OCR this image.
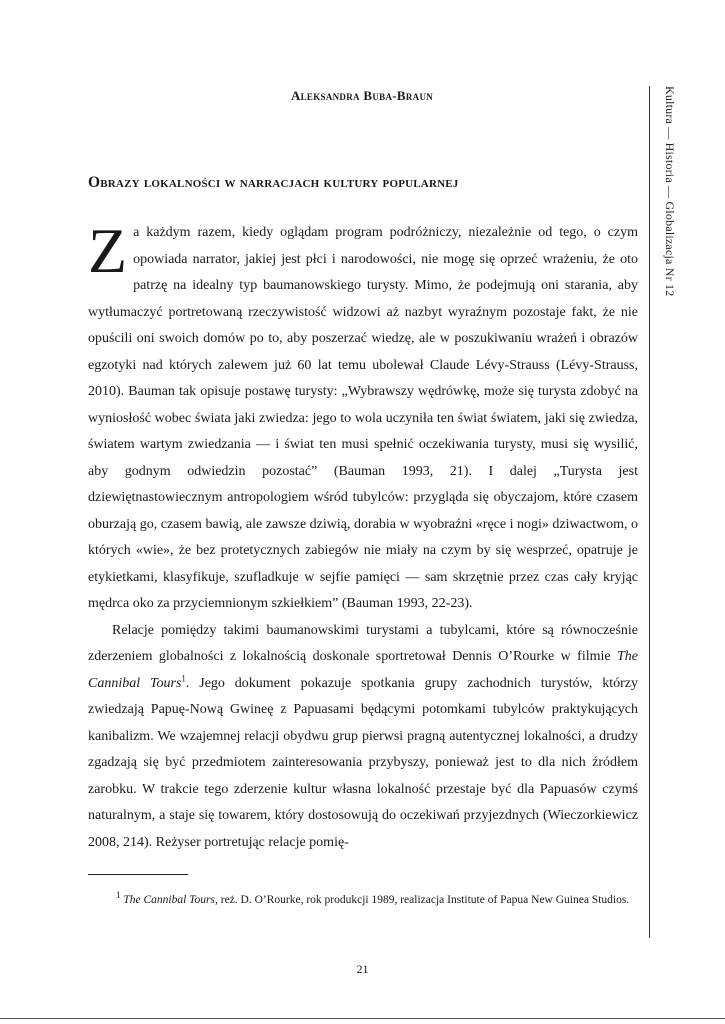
Aleksandra Buba-Braun
Obrazy lokalności w narracjach kultury popularnej	Kultura — Historia — Globalizacja Nr 12

Za każdym razem, kiedy oglądam program podróżniczy, niezależnie od tego, o czym opowiada narrator, jakiej jest płci i narodowości, nie mogę się oprzeć wrażeniu, że oto patrzę na idealny typ baumanowskiego turysty. Mimo, że podejmują oni starania, aby wytłumaczyć portretowaną rzeczywistość widzowi aż nazbyt wyraźnym pozostaje fakt, że nie opuścili oni swoich domów po to, aby poszerzać wiedzę, ale w poszukiwaniu wrażeń i obrazów egzotyki nad których zalewem już 60 lat temu ubolewał Claude Lévy-Strauss (Lévy-Strauss, 2010). Bauman tak opisuje postawę turysty: „Wybrawszy wędrówkę, może się turysta zdobyć na wyniosłość wobec świata jaki zwiedza: jego to wola uczyniła ten świat światem, jaki się zwiedza, światem wartym zwiedzania — i świat ten musi spełnić oczekiwania turysty, musi się wysilić, aby godnym odwiedzin pozostać” (Bauman 1993, 21). I dalej „Turysta jest dziewiętnastowiecznym antropologiem wśród tubylców: przygląda się obyczajom, które czasem oburzają go, czasem bawią, ale zawsze dziwią, dorabia w wyobraźni «ręce i nogi» dziwactwom, o których «wie», że bez protetycznych zabiegów nie miały na czym by się wesprzeć, opatruje je etykietkami, klasyfikuje, szufladkuje w sejfie pamięci — sam skrzętnie przez czas cały kryjąc mędrca oko za przyciemnionym szkiełkiem” (Bauman 1993, 22-23).

Relacje pomiędzy takimi baumanowskimi turystami a tubylcami, które są równocześnie zderzeniem globalności z lokalnością doskonale sportretował Dennis O’Rourke w filmie The Cannibal Tours$^1$. Jego dokument pokazuje spotkania grupy zachodnich turystów, którzy zwiedzają Papuę-Nową Gwineę z Papuasami będącymi potomkami tubylców praktykujących kanibalizm. We wzajemnej relacji obydwu grup pierwsi pragną autentycznej lokalności, a drudzy zgadzają się być przedmiotem zainteresowania przybyszy, ponieważ jest to dla nich źródłem zarobku. W trakcie tego zderzenie kultur własna lokalność przestaje być dla Papuasów czymś naturalnym, a staje się towarem, który dostosowują do oczekiwań przyjezdnych (Wieczorkiewicz 2008, 214). Reżyser portretując relacje pomię-

$^1$ The Cannibal Tours, reż. D. O’Rourke, rok produkcji 1989, realizacja Institute of Papua New Guinea Studios.
21
